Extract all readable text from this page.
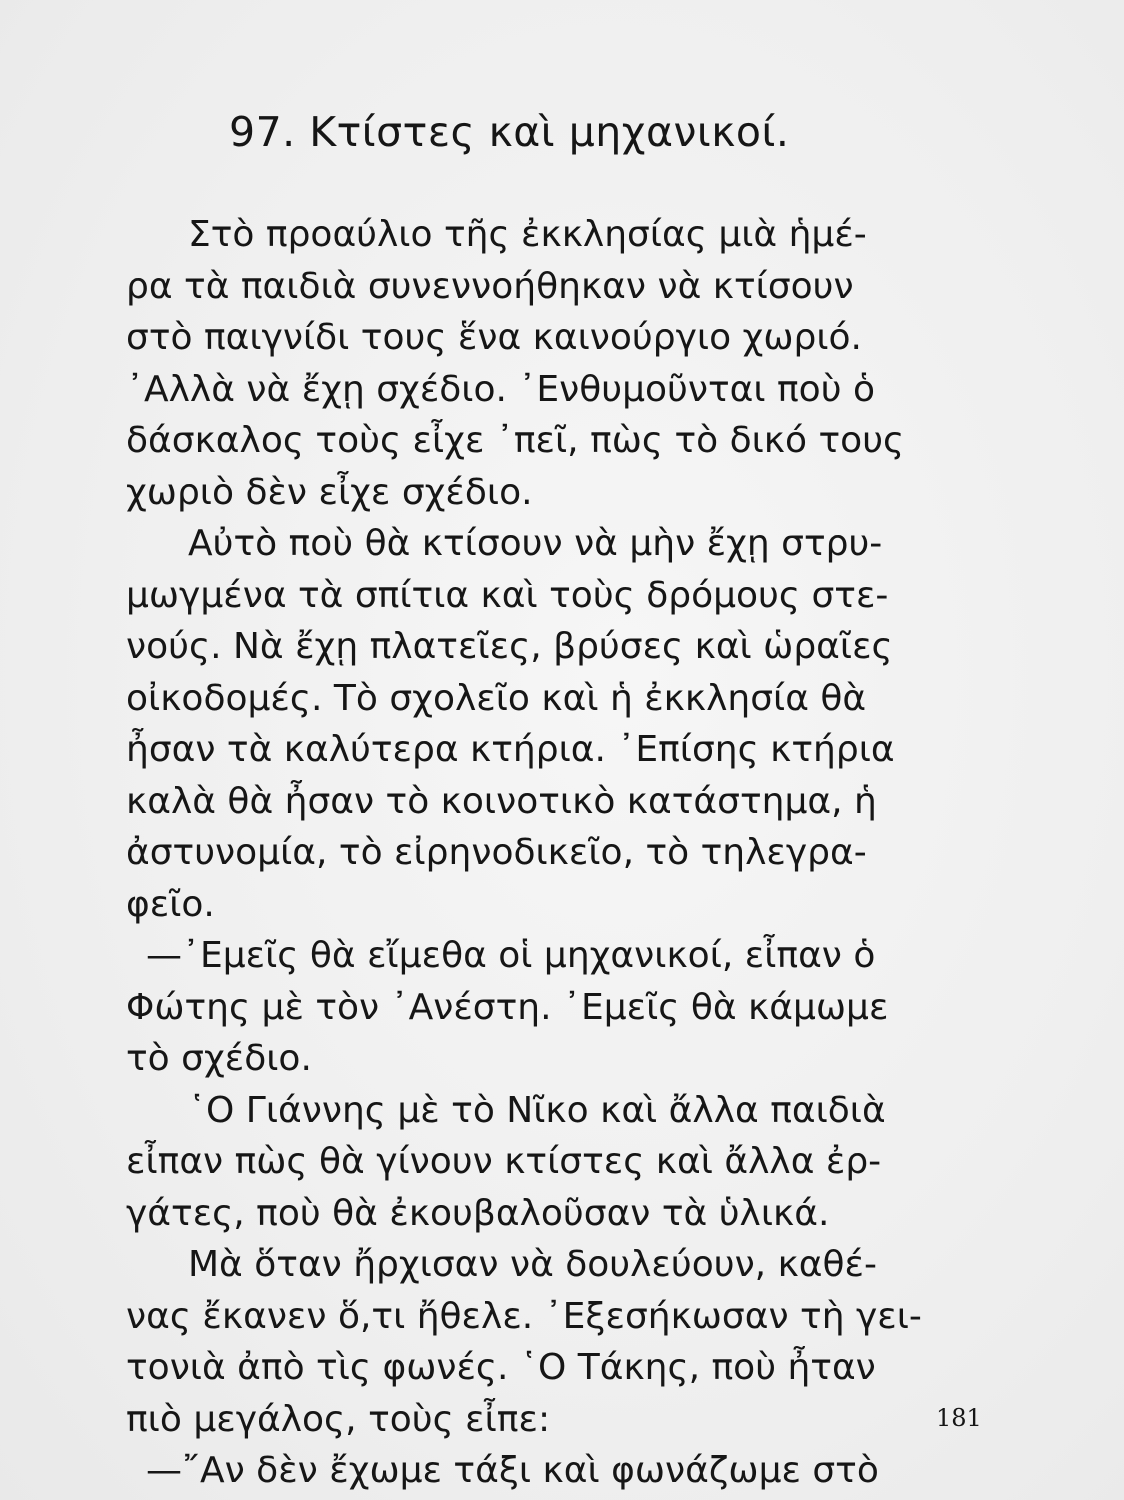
97. Κτίστες καὶ μηχανικοί.
Στὸ προαύλιο τῆς ἐκκλησίας μιὰ ἡμέ-
ρα τὰ παιδιὰ συνεννοήθηκαν νὰ κτίσουν
στὸ παιγνίδι τους ἕνα καινούργιο χωριό.
᾽Αλλὰ νὰ ἔχῃ σχέδιο. ᾽Ενθυμοῦνται ποὺ ὁ
δάσκαλος τοὺς εἶχε ᾽πεῖ, πὼς τὸ δικό τους
χωριὸ δὲν εἶχε σχέδιο.
Αὐτὸ ποὺ θὰ κτίσουν νὰ μὴν ἔχῃ στρυ-
μωγμένα τὰ σπίτια καὶ τοὺς δρόμους στε-
νούς. Νὰ ἔχῃ πλατεῖες, βρύσες καὶ ὡραῖες
οἰκοδομές. Τὸ σχολεῖο καὶ ἡ ἐκκλησία θὰ
ἦσαν τὰ καλύτερα κτήρια. ᾽Επίσης κτήρια
καλὰ θὰ ἦσαν τὸ κοινοτικὸ κατάστημα, ἡ
ἀστυνομία, τὸ εἰρηνοδικεῖο, τὸ τηλεγρα-
φεῖο.
—᾽Εμεῖς θὰ εἴμεθα οἱ μηχανικοί, εἶπαν ὁ
Φώτης μὲ τὸν ᾽Ανέστη. ᾽Εμεῖς θὰ κάμωμε
τὸ σχέδιο.
῾Ο Γιάννης μὲ τὸ Νῖκο καὶ ἄλλα παιδιὰ
εἶπαν πὼς θὰ γίνουν κτίστες καὶ ἄλλα ἐρ-
γάτες, ποὺ θὰ ἐκουβαλοῦσαν τὰ ὑλικά.
Μὰ ὅταν ἤρχισαν νὰ δουλεύουν, καθέ-
νας ἔκανεν ὅ,τι ἤθελε. ᾽Εξεσήκωσαν τὴ γει-
τονιὰ ἀπὸ τὶς φωνές. ῾Ο Τάκης, ποὺ ἦταν
πιὸ μεγάλος, τοὺς εἶπε:
—῎Αν δὲν ἔχωμε τάξι καὶ φωνάζωμε στὸ
181
